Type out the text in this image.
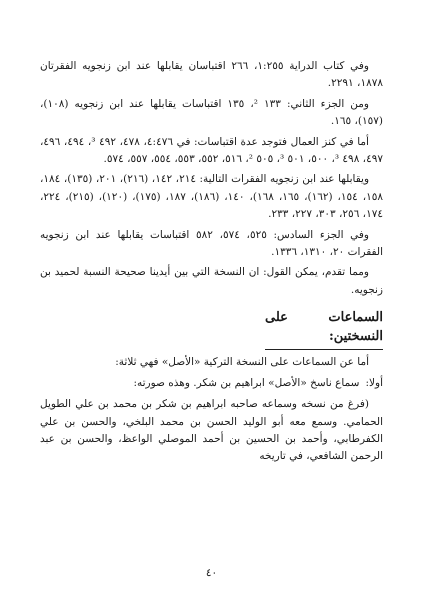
وفي كتاب الدراية ١:٢٥٥، ٢٦٦ اقتباسان يقابلها عند ابن زنجويه الفقرتان ١٨٧٨، ٢٢٩١.

ومن الجزء الثاني: ١٣٣ ²، ١٣٥ اقتباسات يقابلها عند ابن زنجويه (١٠٨)، (١٥٧)، ١٦٥.

أما في كنز العمال فتوجد عدة اقتباسات: في ٤:٤٧٦، ٤٧٨، ٤٩٢ ³، ٤٩٤، ٤٩٦، ٤٩٧، ٤٩٨ ³، ٥٠٠، ٥٠١ ³، ٥٠٥ ²، ٥١٦، ٥٥٢، ٥٥٣، ٥٥٤، ٥٥٧، ٥٧٤.

ويقابلها عند ابن زنجويه الفقرات التالية: ٢١٤، ١٤٢، (٢١٦)، ٢٠١، (١٣٥)، ١٨٤، ١٥٨، ١٥٤، (١٦٢)، ١٦٥، ١٦٨)، ١٤٠، (١٨٦)، ١٨٧، (١٧٥)، (١٢٠)، (٢١٥)، ٢٢٤، ١٧٤، ٢٥٦، ٣٠٣، ٢٢٧، ٢٣٣.

وفي الجزء السادس: ٥٢٥، ٥٧٤، ٥٨٢ اقتباسات يقابلها عند ابن زنجويه الفقرات ٢٠، ١٣١٠، ١٣٣٦.

ومما تقدم، يمكن القول: ان النسخة التي بين أيدينا صحيحة النسبة لحميد بن زنجويه.

السماعات على النسختين:

أما عن السماعات على النسخة التركية «الأصل» فهي ثلاثة:

أولا:
سماع ناسخ «الأصل» ابراهيم بن شكر. وهذه صورته:

(فرغ من نسخه وسماعه صاحبه ابراهيم بن شكر بن محمد بن علي الطويل الحمامي. وسمع معه أبو الوليد الحسن بن محمد البلخي، والحسن بن علي الكفرطابي، وأحمد بن الحسين بن أحمد الموصلي الواعظ، والحسن بن عبد الرحمن الشافعي، في تاريخه

٤٠
